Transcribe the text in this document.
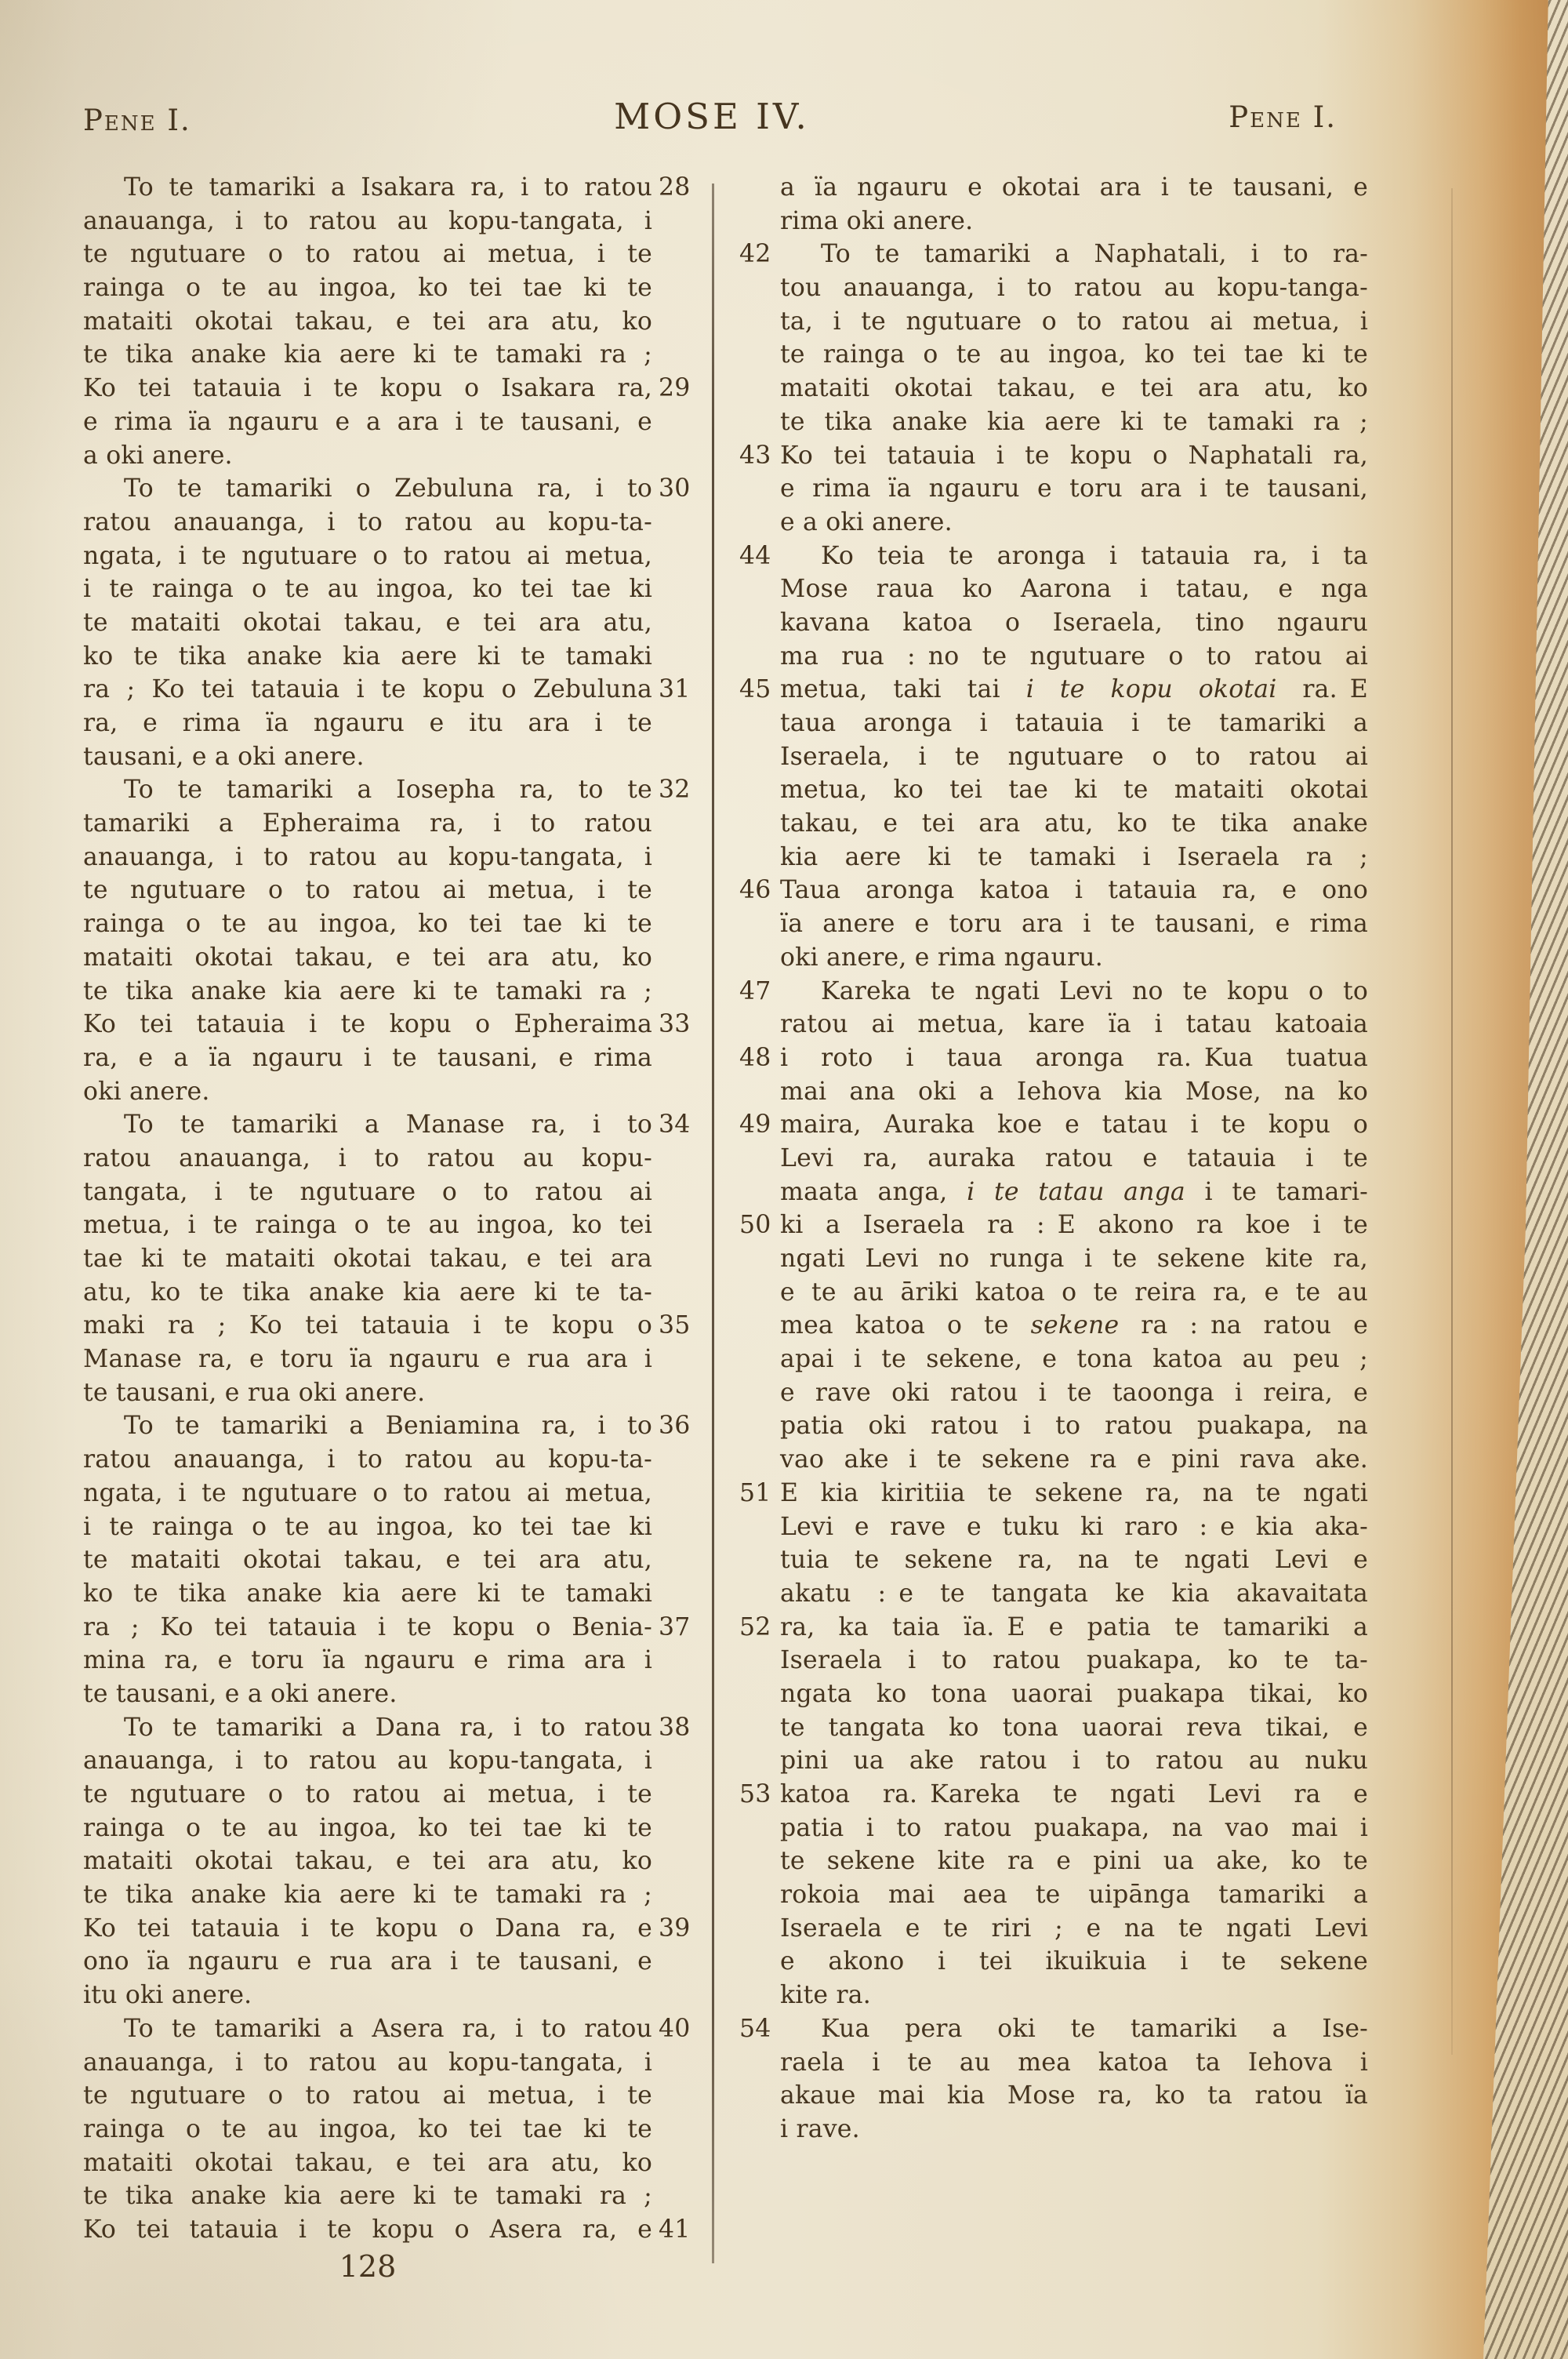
Pene I.	MOSE IV.	Pene I.
28
To te tamariki a Isakara ra, i to ratou
anauanga, i to ratou au kopu-tangata, i
te ngutuare o to ratou ai metua, i te
rainga o te au ingoa, ko tei tae ki te
mataiti okotai takau, e tei ara atu, ko
te tika anake kia aere ki te tamaki ra ;
29
Ko tei tatauia i te kopu o Isakara ra,
e rima ïa ngauru e a ara i te tausani, e
a oki anere.
30
To te tamariki o Zebuluna ra, i to
ratou anauanga, i to ratou au kopu-ta-
ngata, i te ngutuare o to ratou ai metua,
i te rainga o te au ingoa, ko tei tae ki
te mataiti okotai takau, e tei ara atu,
ko te tika anake kia aere ki te tamaki
31
ra ; Ko tei tatauia i te kopu o Zebuluna
ra, e rima ïa ngauru e itu ara i te
tausani, e a oki anere.
32
To te tamariki a Iosepha ra, to te
tamariki a Epheraima ra, i to ratou
anauanga, i to ratou au kopu-tangata, i
te ngutuare o to ratou ai metua, i te
rainga o te au ingoa, ko tei tae ki te
mataiti okotai takau, e tei ara atu, ko
te tika anake kia aere ki te tamaki ra ;
33
Ko tei tatauia i te kopu o Epheraima
ra, e a ïa ngauru i te tausani, e rima
oki anere.
34
To te tamariki a Manase ra, i to
ratou anauanga, i to ratou au kopu-
tangata, i te ngutuare o to ratou ai
metua, i te rainga o te au ingoa, ko tei
tae ki te mataiti okotai takau, e tei ara
atu, ko te tika anake kia aere ki te ta-
35
maki ra ; Ko tei tatauia i te kopu o
Manase ra, e toru ïa ngauru e rua ara i
te tausani, e rua oki anere.
36
To te tamariki a Beniamina ra, i to
ratou anauanga, i to ratou au kopu-ta-
ngata, i te ngutuare o to ratou ai metua,
i te rainga o te au ingoa, ko tei tae ki
te mataiti okotai takau, e tei ara atu,
ko te tika anake kia aere ki te tamaki
37
ra ; Ko tei tatauia i te kopu o Benia-
mina ra, e toru ïa ngauru e rima ara i
te tausani, e a oki anere.
38
To te tamariki a Dana ra, i to ratou
anauanga, i to ratou au kopu-tangata, i
te ngutuare o to ratou ai metua, i te
rainga o te au ingoa, ko tei tae ki te
mataiti okotai takau, e tei ara atu, ko
te tika anake kia aere ki te tamaki ra ;
39
Ko tei tatauia i te kopu o Dana ra, e
ono ïa ngauru e rua ara i te tausani, e
itu oki anere.
40
To te tamariki a Asera ra, i to ratou
anauanga, i to ratou au kopu-tangata, i
te ngutuare o to ratou ai metua, i te
rainga o te au ingoa, ko tei tae ki te
mataiti okotai takau, e tei ara atu, ko
te tika anake kia aere ki te tamaki ra ;
41
Ko tei tatauia i te kopu o Asera ra, e
a ïa ngauru e okotai ara i te tausani, e
rima oki anere.
42	To te tamariki a Naphatali, i to ra-
tou anauanga, i to ratou au kopu-tanga-
ta, i te ngutuare o to ratou ai metua, i
te rainga o te au ingoa, ko tei tae ki te
mataiti okotai takau, e tei ara atu, ko
te tika anake kia aere ki te tamaki ra ;
43 Ko tei tatauia i te kopu o Naphatali ra,
e rima ïa ngauru e toru ara i te tausani,
e a oki anere.
44	Ko teia te aronga i tatauia ra, i ta
Mose raua ko Aarona i tatau, e nga
kavana katoa o Iseraela, tino ngauru
ma rua : no te ngutuare o to ratou ai
45 metua, taki tai i te kopu okotai ra. E
taua aronga i tatauia i te tamariki a
Iseraela, i te ngutuare o to ratou ai
metua, ko tei tae ki te mataiti okotai
takau, e tei ara atu, ko te tika anake
kia aere ki te tamaki i Iseraela ra ;
46 Taua aronga katoa i tatauia ra, e ono
ïa anere e toru ara i te tausani, e rima
oki anere, e rima ngauru.
47	Kareka te ngati Levi no te kopu o to
ratou ai metua, kare ïa i tatau katoaia
48 i roto i taua aronga ra. Kua tuatua
mai ana oki a Iehova kia Mose, na ko
49 maira, Auraka koe e tatau i te kopu o
Levi ra, auraka ratou e tatauia i te
maata anga, i te tatau anga i te tamari-
50 ki a Iseraela ra : E akono ra koe i te
ngati Levi no runga i te sekene kite ra,
e te au āriki katoa o te reira ra, e te au
mea katoa o te sekene ra : na ratou e
apai i te sekene, e tona katoa au peu ;
e rave oki ratou i te taoonga i reira, e
patia oki ratou i to ratou puakapa, na
vao ake i te sekene ra e pini rava ake.
51 E kia kiritiia te sekene ra, na te ngati
Levi e rave e tuku ki raro : e kia aka-
tuia te sekene ra, na te ngati Levi e
akatu : e te tangata ke kia akavaitata
52 ra, ka taia ïa. E e patia te tamariki a
Iseraela i to ratou puakapa, ko te ta-
ngata ko tona uaorai puakapa tikai, ko
te tangata ko tona uaorai reva tikai, e
pini ua ake ratou i to ratou au nuku
53 katoa ra. Kareka te ngati Levi ra e
patia i to ratou puakapa, na vao mai i
te sekene kite ra e pini ua ake, ko te
rokoia mai aea te uipānga tamariki a
Iseraela e te riri ; e na te ngati Levi
e akono i tei ikuikuia i te sekene
kite ra.
54	Kua pera oki te tamariki a Ise-
raela i te au mea katoa ta Iehova i
akaue mai kia Mose ra, ko ta ratou ïa
i rave.
128
